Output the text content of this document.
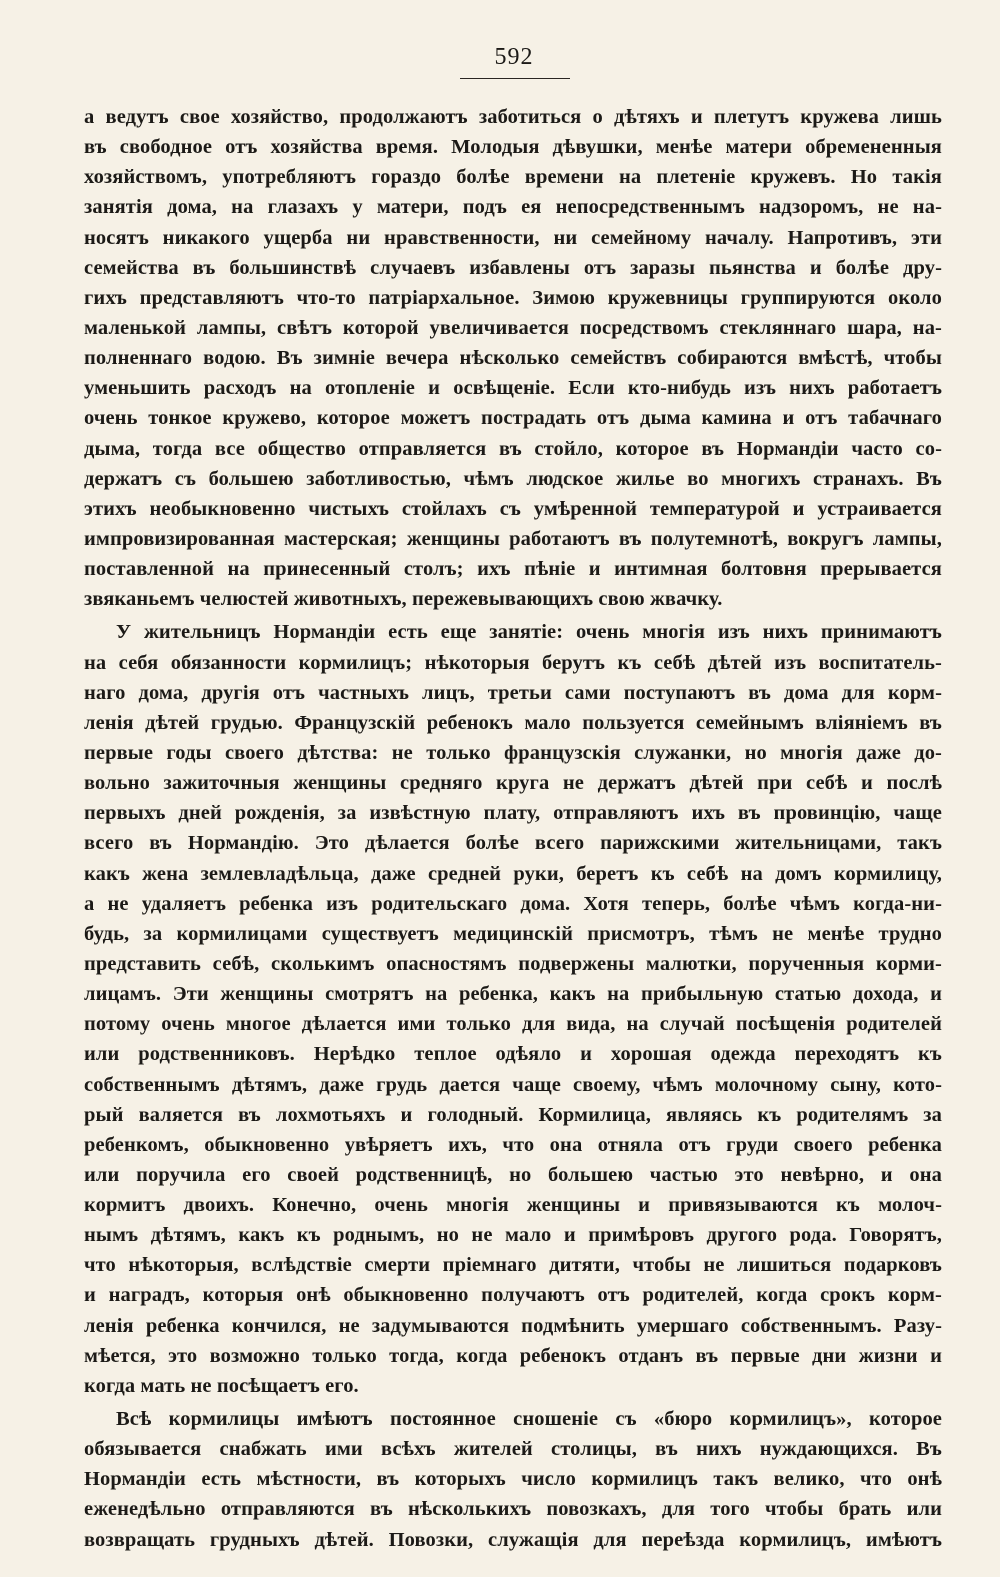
592
а ведутъ свое хозяйство, продолжаютъ заботиться о дѣтяхъ и плетутъ кружева лишь
въ свободное отъ хозяйства время. Молодыя дѣвушки, менѣе матери обремененныя
хозяйствомъ, употребляютъ гораздо болѣе времени на плетеніе кружевъ. Но такія
занятія дома, на глазахъ у матери, подъ ея непосредственнымъ надзоромъ, не на-
носятъ никакого ущерба ни нравственности, ни семейному началу. Напротивъ, эти
семейства въ большинствѣ случаевъ избавлены отъ заразы пьянства и болѣе дру-
гихъ представляютъ что-то патріархальное. Зимою кружевницы группируются около
маленькой лампы, свѣтъ которой увеличивается посредствомъ стекляннаго шара, на-
полненнаго водою. Въ зимніе вечера нѣсколько семействъ собираются вмѣстѣ, чтобы
уменьшить расходъ на отопленіе и освѣщеніе. Если кто-нибудь изъ нихъ работаетъ
очень тонкое кружево, которое можетъ пострадать отъ дыма камина и отъ табачнаго
дыма, тогда все общество отправляется въ стойло, которое въ Нормандіи часто со-
держатъ съ большею заботливостью, чѣмъ людское жилье во многихъ странахъ. Въ
этихъ необыкновенно чистыхъ стойлахъ съ умѣренной температурой и устраивается
импровизированная мастерская; женщины работаютъ въ полутемнотѣ, вокругъ лампы,
поставленной на принесенный столъ; ихъ пѣніе и интимная болтовня прерывается
звяканьемъ челюстей животныхъ, пережевывающихъ свою жвачку.
У жительницъ Нормандіи есть еще занятіе: очень многія изъ нихъ принимаютъ
на себя обязанности кормилицъ; нѣкоторыя берутъ къ себѣ дѣтей изъ воспитатель-
наго дома, другія отъ частныхъ лицъ, третьи сами поступаютъ въ дома для корм-
ленія дѣтей грудью. Французскій ребенокъ мало пользуется семейнымъ вліяніемъ въ
первые годы своего дѣтства: не только французскія служанки, но многія даже до-
вольно зажиточныя женщины средняго круга не держатъ дѣтей при себѣ и послѣ
первыхъ дней рожденія, за извѣстную плату, отправляютъ ихъ въ провинцію, чаще
всего въ Нормандію. Это дѣлается болѣе всего парижскими жительницами, такъ
какъ жена землевладѣльца, даже средней руки, беретъ къ себѣ на домъ кормилицу,
а не удаляетъ ребенка изъ родительскаго дома. Хотя теперь, болѣе чѣмъ когда-ни-
будь, за кормилицами существуетъ медицинскій присмотръ, тѣмъ не менѣе трудно
представить себѣ, сколькимъ опасностямъ подвержены малютки, порученныя корми-
лицамъ. Эти женщины смотрятъ на ребенка, какъ на прибыльную статью дохода, и
потому очень многое дѣлается ими только для вида, на случай посѣщенія родителей
или родственниковъ. Нерѣдко теплое одѣяло и хорошая одежда переходятъ къ
собственнымъ дѣтямъ, даже грудь дается чаще своему, чѣмъ молочному сыну, кото-
рый валяется въ лохмотьяхъ и голодный. Кормилица, являясь къ родителямъ за
ребенкомъ, обыкновенно увѣряетъ ихъ, что она отняла отъ груди своего ребенка
или поручила его своей родственницѣ, но большею частью это невѣрно, и она
кормитъ двоихъ. Конечно, очень многія женщины и привязываются къ молоч-
нымъ дѣтямъ, какъ къ роднымъ, но не мало и примѣровъ другого рода. Говорятъ,
что нѣкоторыя, вслѣдствіе смерти пріемнаго дитяти, чтобы не лишиться подарковъ
и наградъ, которыя онѣ обыкновенно получаютъ отъ родителей, когда срокъ корм-
ленія ребенка кончился, не задумываются подмѣнить умершаго собственнымъ. Разу-
мѣется, это возможно только тогда, когда ребенокъ отданъ въ первые дни жизни и
когда мать не посѣщаетъ его.
Всѣ кормилицы имѣютъ постоянное сношеніе съ «бюро кормилицъ», которое
обязывается снабжать ими всѣхъ жителей столицы, въ нихъ нуждающихся. Въ
Нормандіи есть мѣстности, въ которыхъ число кормилицъ такъ велико, что онѣ
еженедѣльно отправляются въ нѣсколькихъ повозкахъ, для того чтобы брать или
возвращать грудныхъ дѣтей. Повозки, служащія для переѣзда кормилицъ, имѣютъ
